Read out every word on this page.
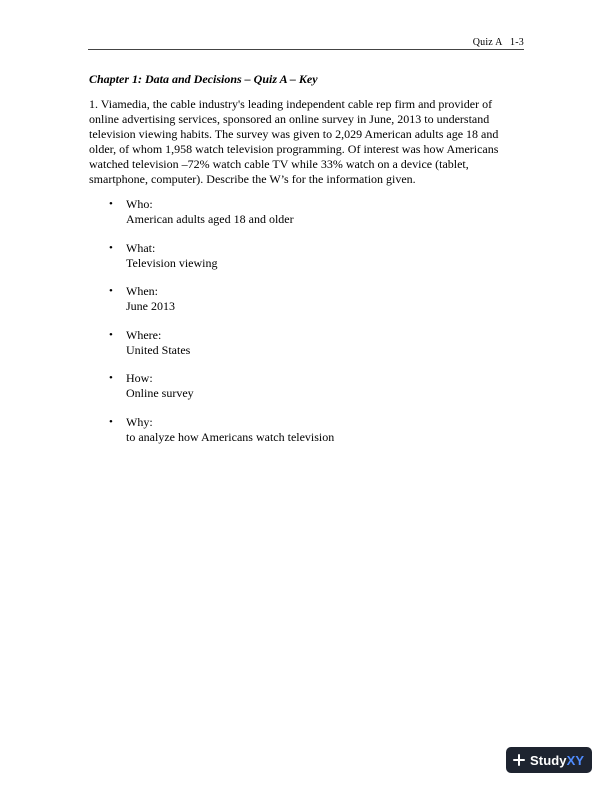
Quiz A   1-3
Chapter 1: Data and Decisions – Quiz A – Key
1. Viamedia, the cable industry's leading independent cable rep firm and provider of online advertising services, sponsored an online survey in June, 2013 to understand television viewing habits. The survey was given to 2,029 American adults age 18 and older, of whom 1,958 watch television programming. Of interest was how Americans watched television –72% watch cable TV while 33% watch on a device (tablet, smartphone, computer). Describe the W’s for the information given.
• Who:
American adults aged 18 and older
• What:
Television viewing
• When:
June 2013
• Where:
United States
• How:
Online survey
• Why:
to analyze how Americans watch television
StudyXY
